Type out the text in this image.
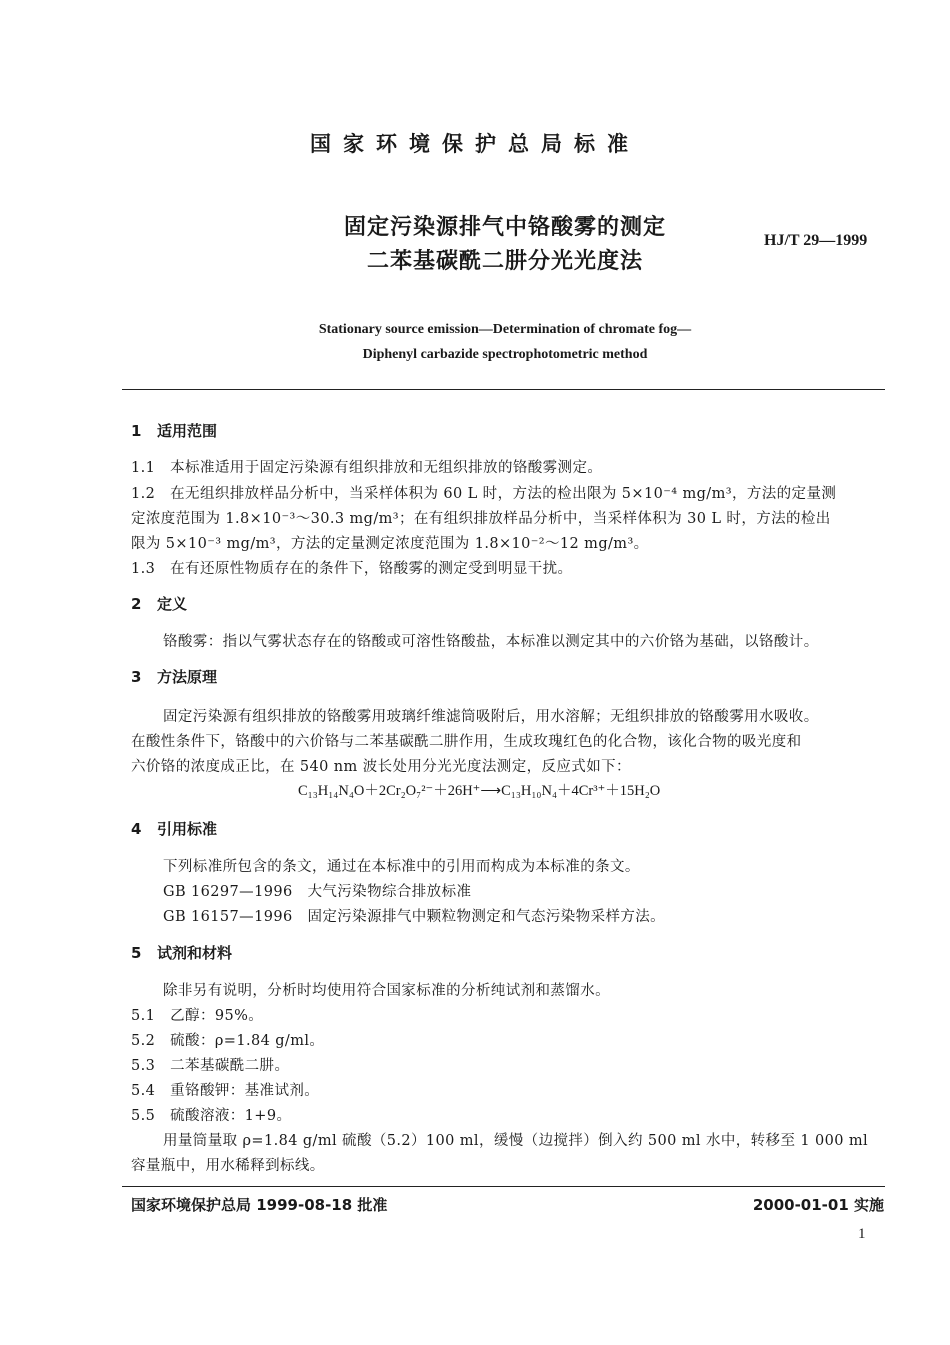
国家环境保护总局标准
固定污染源排气中铬酸雾的测定
二苯基碳酰二肼分光光度法
HJ/T 29—1999
Stationary source emission—Determination of chromate fog—
Diphenyl carbazide spectrophotometric method
1 适用范围
1.1　本标准适用于固定污染源有组织排放和无组织排放的铬酸雾测定。
1.2　在无组织排放样品分析中，当采样体积为 60 L 时，方法的检出限为 5×10⁻⁴ mg/m³，方法的定量测
定浓度范围为 1.8×10⁻³～30.3 mg/m³；在有组织排放样品分析中，当采样体积为 30 L 时，方法的检出
限为 5×10⁻³ mg/m³，方法的定量测定浓度范围为 1.8×10⁻²～12 mg/m³。
1.3　在有还原性物质存在的条件下，铬酸雾的测定受到明显干扰。
2 定义
铬酸雾：指以气雾状态存在的铬酸或可溶性铬酸盐，本标准以测定其中的六价铬为基础，以铬酸计。
3 方法原理
固定污染源有组织排放的铬酸雾用玻璃纤维滤筒吸附后，用水溶解；无组织排放的铬酸雾用水吸收。
在酸性条件下，铬酸中的六价铬与二苯基碳酰二肼作用，生成玫瑰红色的化合物，该化合物的吸光度和
六价铬的浓度成正比，在 540 nm 波长处用分光光度法测定，反应式如下：
C₁₃H₁₄N₄O＋2Cr₂O₇²⁻＋26H⁺⟶C₁₃H₁₀N₄＋4Cr³⁺＋15H₂O
4 引用标准
下列标准所包含的条文，通过在本标准中的引用而构成为本标准的条文。
GB 16297—1996　大气污染物综合排放标准
GB 16157—1996　固定污染源排气中颗粒物测定和气态污染物采样方法。
5 试剂和材料
除非另有说明，分析时均使用符合国家标准的分析纯试剂和蒸馏水。
5.1　乙醇：95%。
5.2　硫酸：ρ=1.84 g/ml。
5.3　二苯基碳酰二肼。
5.4　重铬酸钾：基准试剂。
5.5　硫酸溶液：1+9。
用量筒量取 ρ=1.84 g/ml 硫酸（5.2）100 ml，缓慢（边搅拌）倒入约 500 ml 水中，转移至 1 000 ml
容量瓶中，用水稀释到标线。
国家环境保护总局 1999-08-18 批准	2000-01-01 实施
1
